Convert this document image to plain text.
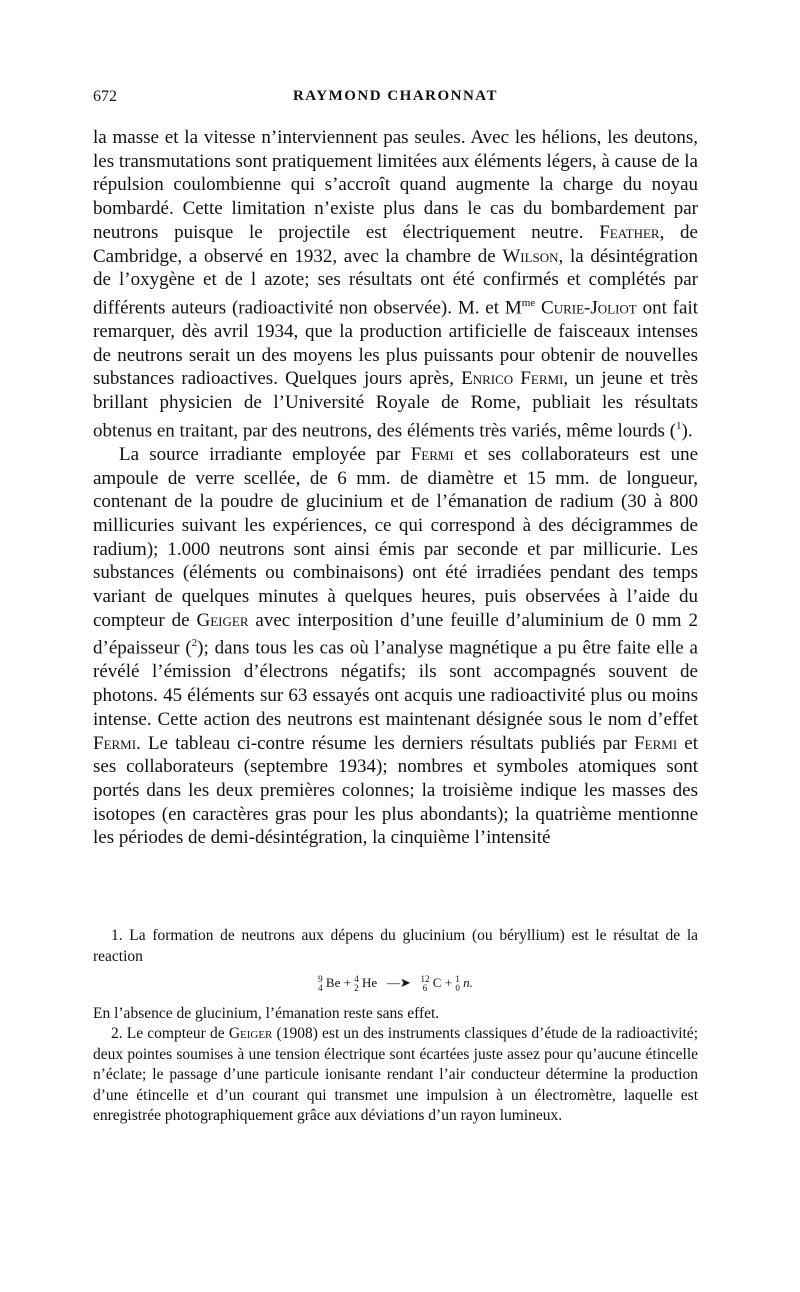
672	RAYMOND CHARONNAT

la masse et la vitesse n’interviennent pas seules. Avec les hélions, les deutons, les transmutations sont pratiquement limitées aux éléments légers, à cause de la répulsion coulombienne qui s’accroît quand augmente la charge du noyau bombardé. Cette limitation n’existe plus dans le cas du bombardement par neutrons puisque le projectile est électriquement neutre. Feather, de Cambridge, a observé en 1932, avec la chambre de Wilson, la désintégration de l’oxygène et de l azote; ses résultats ont été confirmés et complétés par différents auteurs (radioactivité non observée). M. et $M^{me}$ Curie-Joliot ont fait remarquer, dès avril 1934, que la production artificielle de faisceaux intenses de neutrons serait un des moyens les plus puissants pour obtenir de nouvelles substances radioactives. Quelques jours après, Enrico Fermi, un jeune et très brillant physicien de l’Université Royale de Rome, publiait les résultats obtenus en traitant, par des neutrons, des éléments très variés, même lourds ($^1$).

La source irradiante employée par Fermi et ses collaborateurs est une ampoule de verre scellée, de 6 mm. de diamètre et 15 mm. de longueur, contenant de la poudre de glucinium et de l’émanation de radium (30 à 800 millicuries suivant les expériences, ce qui correspond à des décigrammes de radium); 1.000 neutrons sont ainsi émis par seconde et par millicurie. Les substances (éléments ou combinaisons) ont été irradiées pendant des temps variant de quelques minutes à quelques heures, puis observées à l’aide du compteur de Geiger avec interposition d’une feuille d’aluminium de 0 mm 2 d’épaisseur ($^2$); dans tous les cas où l’analyse magnétique a pu être faite elle a révélé l’émission d’électrons négatifs; ils sont accompagnés souvent de photons. 45 éléments sur 63 essayés ont acquis une radioactivité plus ou moins intense. Cette action des neutrons est maintenant désignée sous le nom d’effet Fermi. Le tableau ci-contre résume les derniers résultats publiés par Fermi et ses collaborateurs (septembre 1934); nombres et symboles atomiques sont portés dans les deux premières colonnes; la troisième indique les masses des isotopes (en caractères gras pour les plus abondants); la quatrième mentionne les périodes de demi-désintégration, la cinquième l’intensité

1. La formation de neutrons aux dépens du glucinium (ou béryllium) est le résultat de la reaction

9
4 Be + 4
2 He —➤ 12
6 C + 1
0 n.

En l’absence de glucinium, l’émanation reste sans effet.

2. Le compteur de Geiger (1908) est un des instruments classiques d’étude de la radioactivité; deux pointes soumises à une tension électrique sont écartées juste assez pour qu’aucune étincelle n’éclate; le passage d’une particule ionisante rendant l’air conducteur détermine la production d’une étincelle et d’un courant qui transmet une impulsion à un électromètre, laquelle est enregistrée photographiquement grâce aux déviations d’un rayon lumineux.
